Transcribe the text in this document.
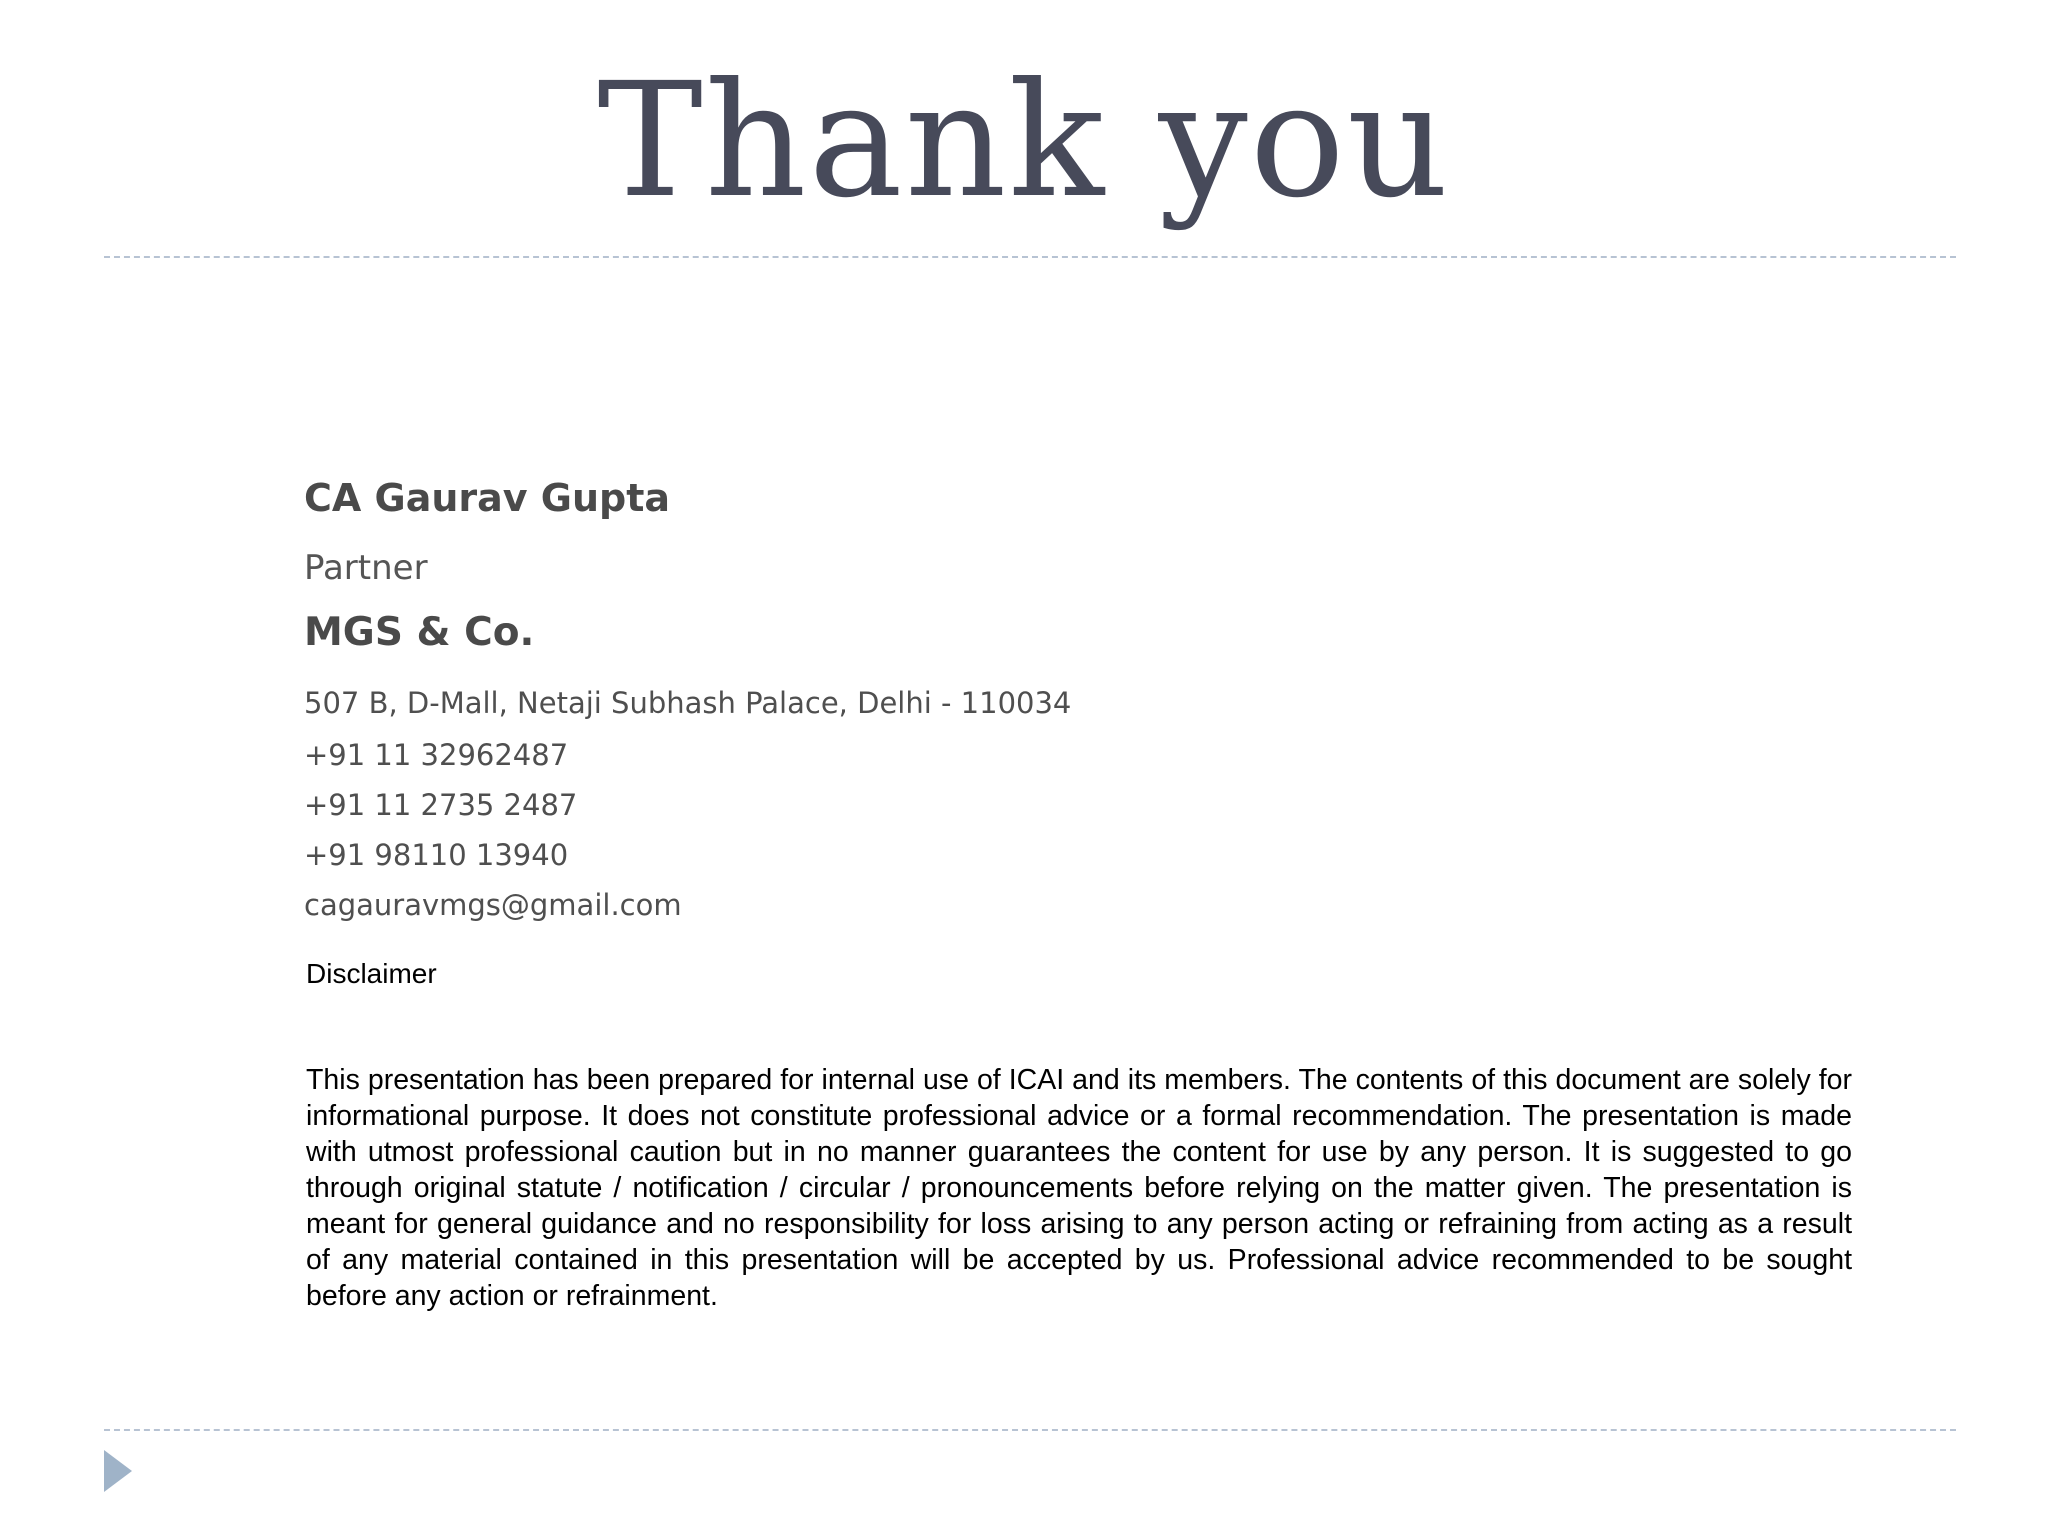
Thank you
CA Gaurav Gupta
Partner
MGS & Co.
507 B, D-Mall, Netaji Subhash Palace, Delhi - 110034
+91 11 32962487
+91 11 2735 2487
+91 98110 13940
cagauravmgs@gmail.com
Disclaimer
This presentation has been prepared for internal use of ICAI and its members. The contents of this document are solely for informational purpose. It does not constitute professional advice or a formal recommendation. The presentation is made with utmost professional caution but in no manner guarantees the content for use by any person. It is suggested to go through original statute / notification / circular / pronouncements before relying on the matter given. The presentation is meant for general guidance and no responsibility for loss arising to any person acting or refraining from acting as a result of any material contained in this presentation will be accepted by us. Professional advice recommended to be sought before any action or refrainment.
